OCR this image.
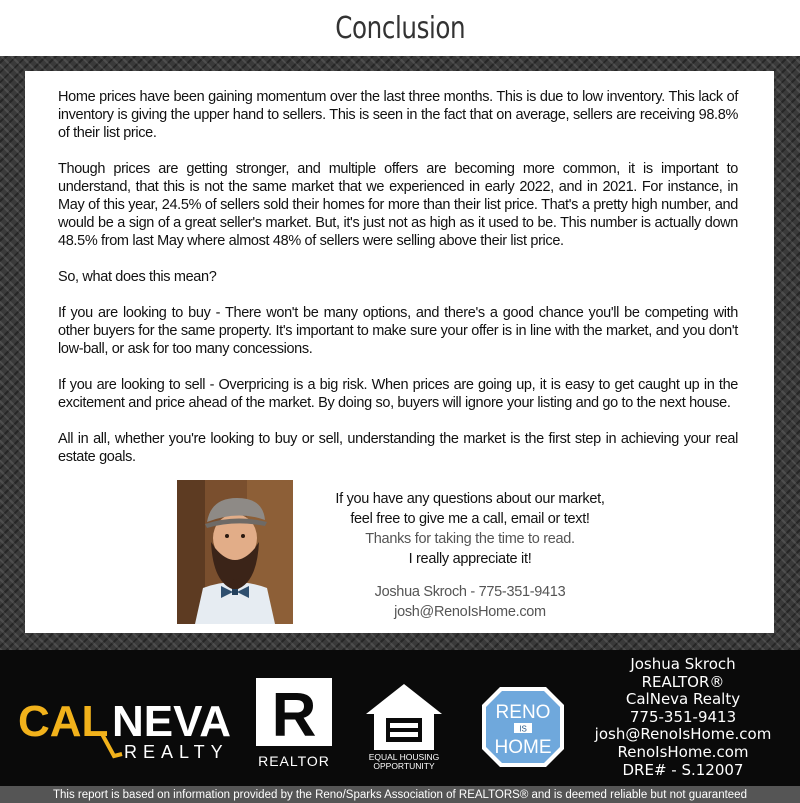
Conclusion

Home prices have been gaining momentum over the last three months. This is due to low inventory. This lack of inventory is giving the upper hand to sellers. This is seen in the fact that on average, sellers are receiving 98.8% of their list price.

Though prices are getting stronger, and multiple offers are becoming more common, it is important to understand, that this is not the same market that we experienced in early 2022, and in 2021. For instance, in May of this year, 24.5% of sellers sold their homes for more than their list price. That's a pretty high number, and would be a sign of a great seller's market. But, it's just not as high as it used to be. This number is actually down 48.5% from last May where almost 48% of sellers were selling above their list price.

So, what does this mean?

If you are looking to buy - There won't be many options, and there's a good chance you'll be competing with other buyers for the same property. It's important to make sure your offer is in line with the market, and you don't low-ball, or ask for too many concessions.

If you are looking to sell - Overpricing is a big risk. When prices are going up, it is easy to get caught up in the excitement and price ahead of the market. By doing so, buyers will ignore your listing and go to the next house.

All in all, whether you're looking to buy or sell, understanding the market is the first step in achieving your real estate goals.

If you have any questions about our market,
feel free to give me a call, email or text!
Thanks for taking the time to read.
I really appreciate it!
Joshua Skroch - 775-351-9413
josh@RenoIsHome.com
CAL NEVA
REALTY
R
REALTOR	EQUAL HOUSING
OPPORTUNITY
RENO
IS
HOME
Joshua Skroch
REALTOR®
CalNeva Realty
775-351-9413
josh@RenoIsHome.com
RenoIsHome.com
DRE# - S.12007
This report is based on information provided by the Reno/Sparks Association of REALTORS® and is deemed reliable but not guaranteed
